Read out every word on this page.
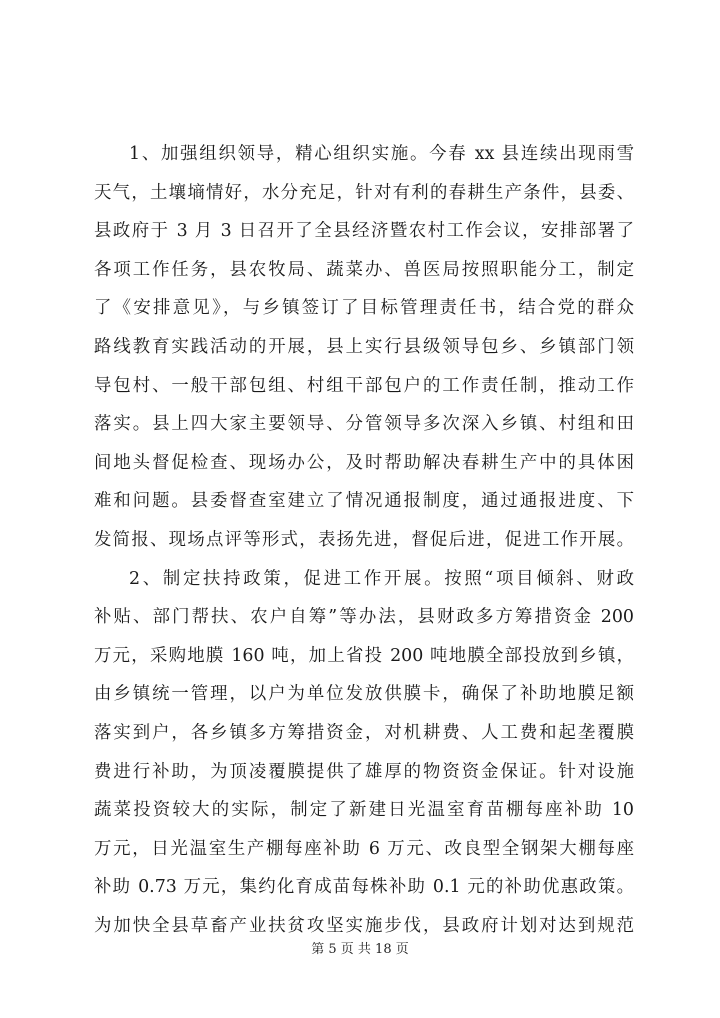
1、加强组织领导，精心组织实施。今春 xx 县连续出现雨雪
天气，土壤墒情好，水分充足，针对有利的春耕生产条件，县委、
县政府于 3 月 3 日召开了全县经济暨农村工作会议，安排部署了
各项工作任务，县农牧局、蔬菜办、兽医局按照职能分工，制定
了《安排意见》，与乡镇签订了目标管理责任书，结合党的群众
路线教育实践活动的开展，县上实行县级领导包乡、乡镇部门领
导包村、一般干部包组、村组干部包户的工作责任制，推动工作
落实。县上四大家主要领导、分管领导多次深入乡镇、村组和田
间地头督促检查、现场办公，及时帮助解决春耕生产中的具体困
难和问题。县委督查室建立了情况通报制度，通过通报进度、下
发简报、现场点评等形式，表扬先进，督促后进，促进工作开展。
2、制定扶持政策，促进工作开展。按照“项目倾斜、财政
补贴、部门帮扶、农户自筹”等办法，县财政多方筹措资金 200
万元，采购地膜 160 吨，加上省投 200 吨地膜全部投放到乡镇，
由乡镇统一管理，以户为单位发放供膜卡，确保了补助地膜足额
落实到户，各乡镇多方筹措资金，对机耕费、人工费和起垄覆膜
费进行补助，为顶凌覆膜提供了雄厚的物资资金保证。针对设施
蔬菜投资较大的实际，制定了新建日光温室育苗棚每座补助 10
万元，日光温室生产棚每座补助 6 万元、改良型全钢架大棚每座
补助 0.73 万元，集约化育成苗每株补助 0.1 元的补助优惠政策。
为加快全县草畜产业扶贫攻坚实施步伐，县政府计划对达到规范
第 5 页 共 18 页
